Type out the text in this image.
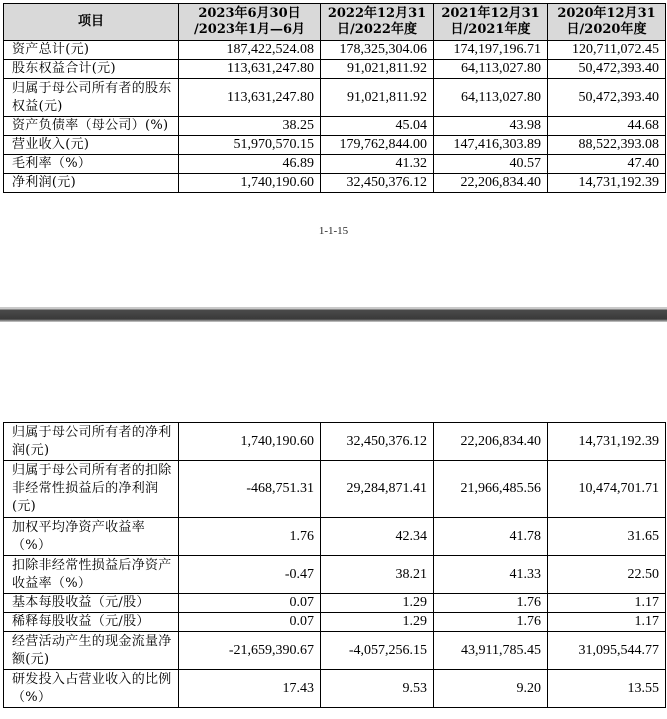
项目	2023年6月30日 /2023年1月—6月	2022年12月31 日/2022年度	2021年12月31 日/2021年度	2020年12月31 日/2020年度
资产总计(元)	187,422,524.08	178,325,304.06	174,197,196.71	120,711,072.45
股东权益合计(元)	113,631,247.80	91,021,811.92	64,113,027.80	50,472,393.40
归属于母公司所有者的股东权益(元)	113,631,247.80	91,021,811.92	64,113,027.80	50,472,393.40
资产负债率（母公司）(%)	38.25	45.04	43.98	44.68
营业收入(元)	51,970,570.15	179,762,844.00	147,416,303.89	88,522,393.08
毛利率（%）	46.89	41.32	40.57	47.40
净利润(元)	1,740,190.60	32,450,376.12	22,206,834.40	14,731,192.39
1-1-15
归属于母公司所有者的净利润(元)	1,740,190.60	32,450,376.12	22,206,834.40	14,731,192.39
归属于母公司所有者的扣除非经常性损益后的净利润(元)	-468,751.31	29,284,871.41	21,966,485.56	10,474,701.71
加权平均净资产收益率（%）	1.76	42.34	41.78	31.65
扣除非经常性损益后净资产收益率（%）	-0.47	38.21	41.33	22.50
基本每股收益（元/股）	0.07	1.29	1.76	1.17
稀释每股收益（元/股）	0.07	1.29	1.76	1.17
经营活动产生的现金流量净额(元)	-21,659,390.67	-4,057,256.15	43,911,785.45	31,095,544.77
研发投入占营业收入的比例（%）	17.43	9.53	9.20	13.55
